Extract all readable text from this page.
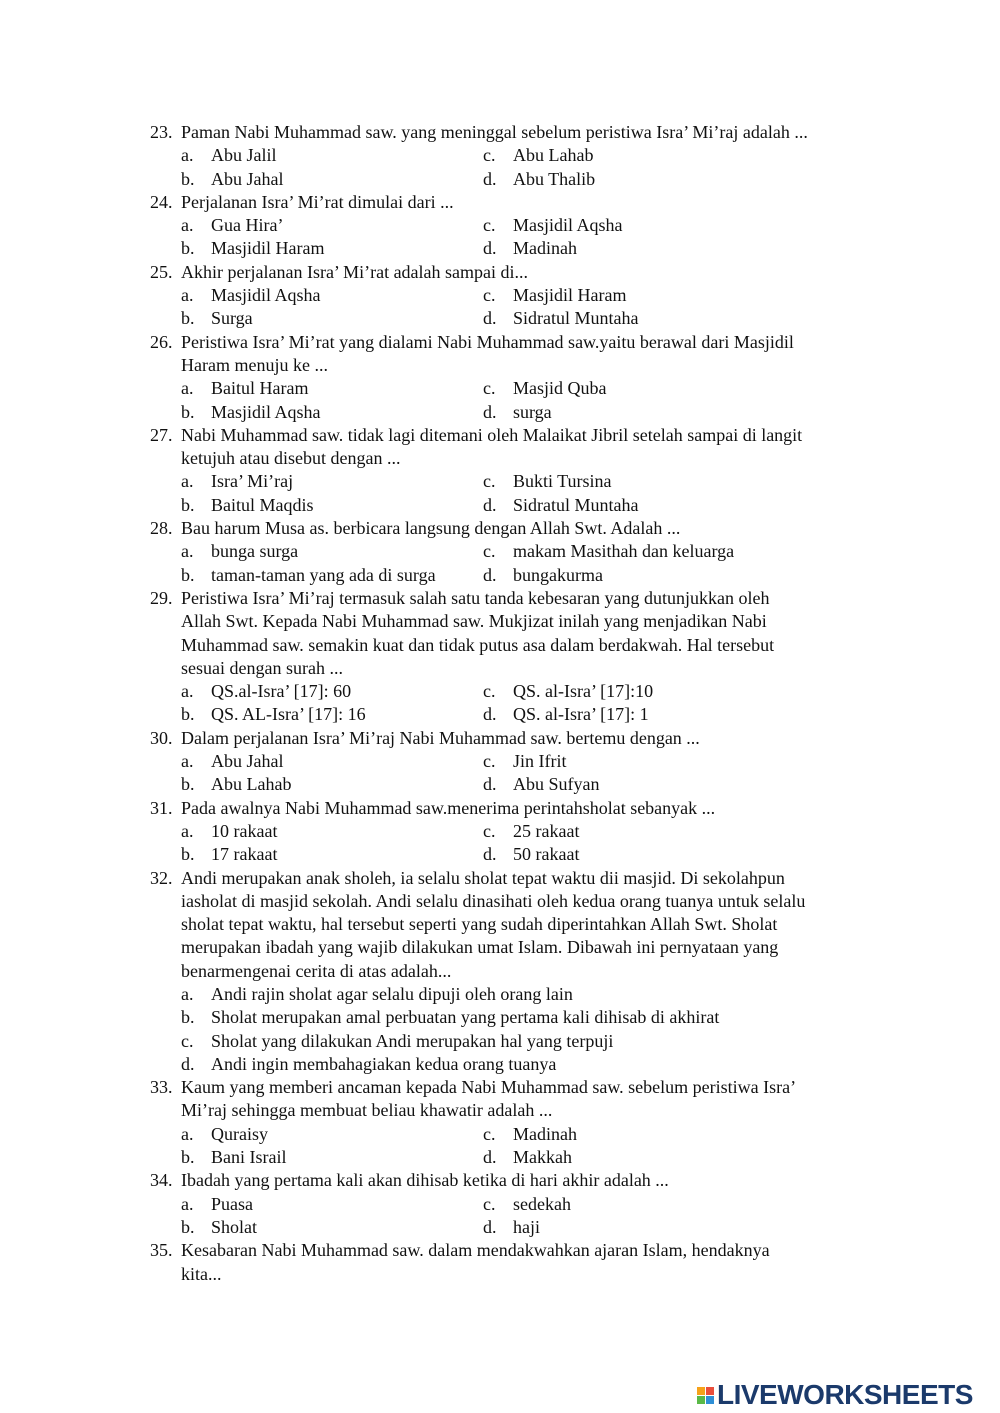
23. Paman Nabi Muhammad saw. yang meninggal sebelum peristiwa Isra’ Mi’raj adalah ...
a. Abu Jalil	c. Abu Lahab
b. Abu Jahal	d. Abu Thalib
24. Perjalanan Isra’ Mi’rat dimulai dari ...
a. Gua Hira’	c. Masjidil Aqsha
b. Masjidil Haram	d. Madinah
25. Akhir perjalanan Isra’ Mi’rat adalah sampai di...
a. Masjidil Aqsha	c. Masjidil Haram
b. Surga	d. Sidratul Muntaha
26. Peristiwa Isra’ Mi’rat yang dialami Nabi Muhammad saw.yaitu berawal dari Masjidil
Haram menuju ke ...
a. Baitul Haram	c. Masjid Quba
b. Masjidil Aqsha	d. surga
27. Nabi Muhammad saw. tidak lagi ditemani oleh Malaikat Jibril setelah sampai di langit
ketujuh atau disebut dengan ...
a. Isra’ Mi’raj	c. Bukti Tursina
b. Baitul Maqdis	d. Sidratul Muntaha
28. Bau harum Musa as. berbicara langsung dengan Allah Swt. Adalah ...
a. bunga surga	c. makam Masithah dan keluarga
b. taman-taman yang ada di surga	d. bungakurma
29. Peristiwa Isra’ Mi’raj termasuk salah satu tanda kebesaran yang dutunjukkan oleh
Allah Swt. Kepada Nabi Muhammad saw. Mukjizat inilah yang menjadikan Nabi
Muhammad saw. semakin kuat dan tidak putus asa dalam berdakwah. Hal tersebut
sesuai dengan surah ...
a. QS.al-Isra’ [17]: 60	c. QS. al-Isra’ [17]:10
b. QS. AL-Isra’ [17]: 16	d. QS. al-Isra’ [17]: 1
30. Dalam perjalanan Isra’ Mi’raj Nabi Muhammad saw. bertemu dengan ...
a. Abu Jahal	c. Jin Ifrit
b. Abu Lahab	d. Abu Sufyan
31. Pada awalnya Nabi Muhammad saw.menerima perintahsholat sebanyak ...
a. 10 rakaat	c. 25 rakaat
b. 17 rakaat	d. 50 rakaat
32. Andi merupakan anak sholeh, ia selalu sholat tepat waktu dii masjid. Di sekolahpun
iasholat di masjid sekolah. Andi selalu dinasihati oleh kedua orang tuanya untuk selalu
sholat tepat waktu, hal tersebut seperti yang sudah diperintahkan Allah Swt. Sholat
merupakan ibadah yang wajib dilakukan umat Islam. Dibawah ini pernyataan yang
benarmengenai cerita di atas adalah...
a. Andi rajin sholat agar selalu dipuji oleh orang lain
b. Sholat merupakan amal perbuatan yang pertama kali dihisab di akhirat
c. Sholat yang dilakukan Andi merupakan hal yang terpuji
d. Andi ingin membahagiakan kedua orang tuanya
33. Kaum yang memberi ancaman kepada Nabi Muhammad saw. sebelum peristiwa Isra’
Mi’raj sehingga membuat beliau khawatir adalah ...
a. Quraisy	c. Madinah
b. Bani Israil	d. Makkah
34. Ibadah yang pertama kali akan dihisab ketika di hari akhir adalah ...
a. Puasa	c. sedekah
b. Sholat	d. haji
35. Kesabaran Nabi Muhammad saw. dalam mendakwahkan ajaran Islam, hendaknya
kita...
LIVEWORKSHEETS
